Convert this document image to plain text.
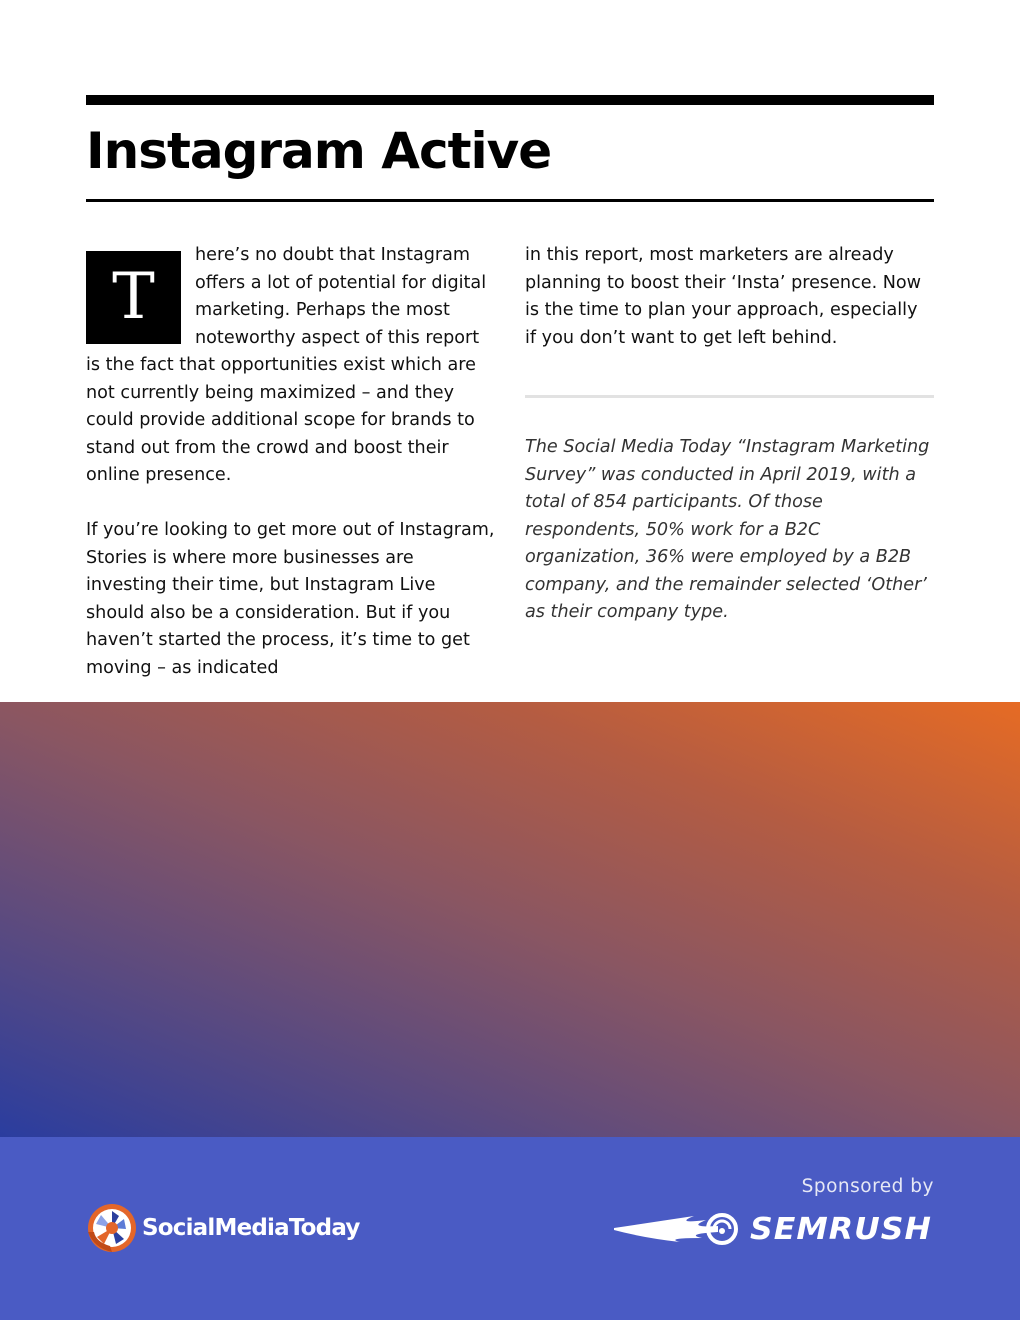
Instagram Active

T
here’s no doubt that Instagram offers a lot of potential for digital marketing. Perhaps the most noteworthy aspect of this report is the fact that opportunities exist which are not currently being maximized – and they could provide additional scope for brands to stand out from the crowd and boost their online presence.

If you’re looking to get more out of Instagram, Stories is where more businesses are investing their time, but Instagram Live should also be a consideration. But if you haven’t started the process, it’s time to get moving – as indicated

in this report, most marketers are already planning to boost their ‘Insta’ presence. Now is the time to plan your approach, especially if you don’t want to get left behind.

The Social Media Today “Instagram Marketing Survey” was conducted in April 2019, with a total of 854 participants. Of those respondents, 50% work for a B2C organization, 36% were employed by a B2B company, and the remainder selected ‘Other’ as their company type.

SocialMediaToday
Sponsored by
SEMRUSH
